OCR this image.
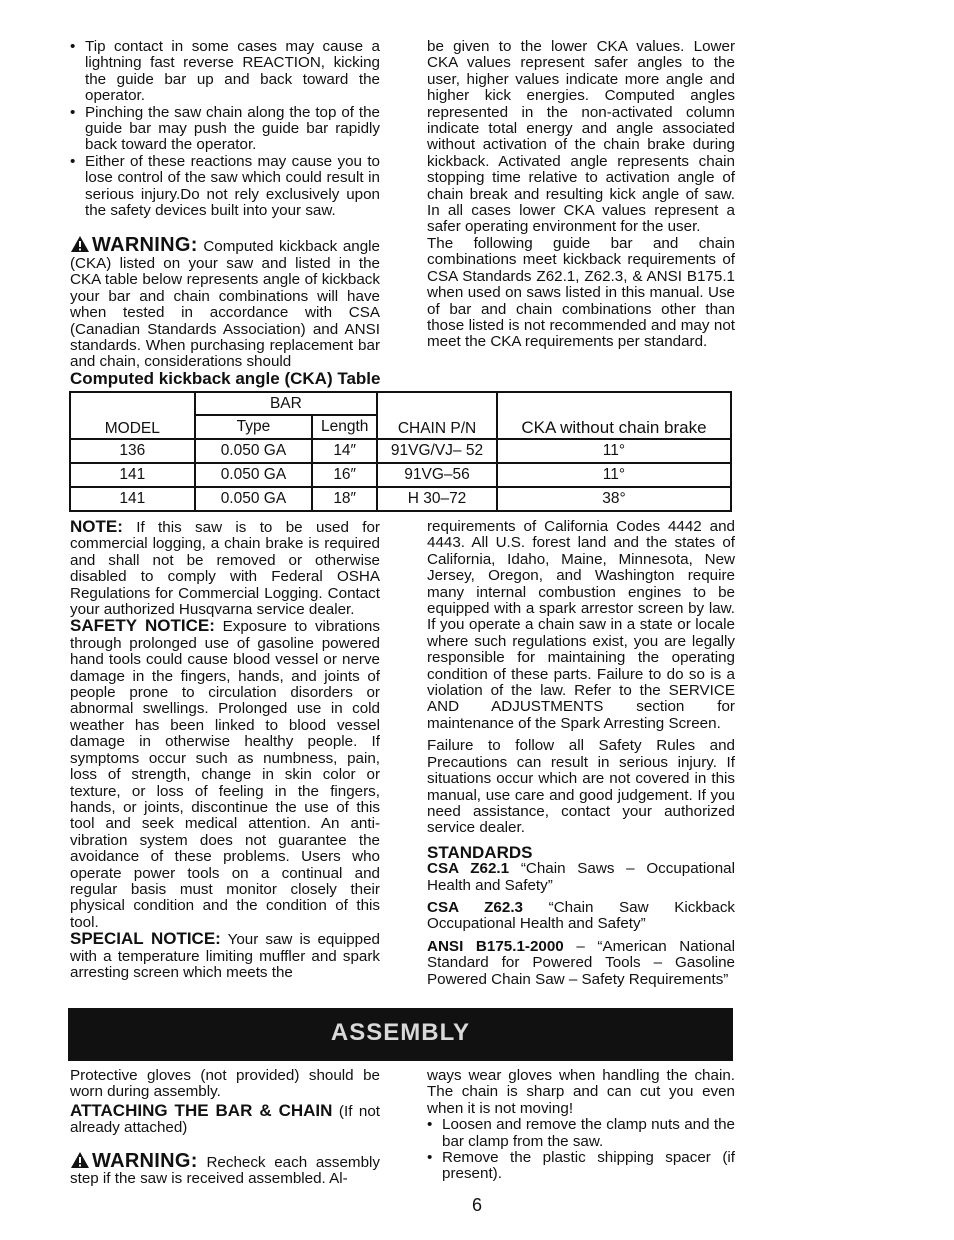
• Tip contact in some cases may cause a lightning fast reverse REACTION, kicking the guide bar up and back toward the operator.
• Pinching the saw chain along the top of the guide bar may push the guide bar rapidly back toward the operator.
• Either of these reactions may cause you to lose control of the saw which could result in serious injury.Do not rely exclusively upon the safety devices built into your saw.

WARNING: Computed kickback angle (CKA) listed on your saw and listed in the CKA table below represents angle of kickback your bar and chain combinations will have when tested in accordance with CSA (Canadian Standards Association) and ANSI standards. When purchasing replacement bar and chain, considerations should

be given to the lower CKA values. Lower CKA values represent safer angles to the user, higher values indicate more angle and higher kick energies. Computed angles represented in the non-activated column indicate total energy and angle associated without activation of the chain brake during kickback. Activated angle represents chain stopping time relative to activation angle of chain break and resulting kick angle of saw. In all cases lower CKA values represent a safer operating environment for the user.

The following guide bar and chain combinations meet kickback requirements of CSA Standards Z62.1, Z62.3, & ANSI B175.1 when used on saws listed in this manual. Use of bar and chain combinations other than those listed is not recommended and may not meet the CKA requirements per standard.

Computed kickback angle (CKA) Table
MODEL	BAR		CHAIN P/N	CKA without chain brake
	Type	Length		
136	0.050 GA	14″	91VG/VJ– 52	11°
141	0.050 GA	16″	91VG–56	11°
141	0.050 GA	18″	H 30–72	38°

NOTE: If this saw is to be used for commercial logging, a chain brake is required and shall not be removed or otherwise disabled to comply with Federal OSHA Regulations for Commercial Logging. Contact your authorized Husqvarna service dealer.

SAFETY NOTICE: Exposure to vibrations through prolonged use of gasoline powered hand tools could cause blood vessel or nerve damage in the fingers, hands, and joints of people prone to circulation disorders or abnormal swellings. Prolonged use in cold weather has been linked to blood vessel damage in otherwise healthy people. If symptoms occur such as numbness, pain, loss of strength, change in skin color or texture, or loss of feeling in the fingers, hands, or joints, discontinue the use of this tool and seek medical attention. An anti-vibration system does not guarantee the avoidance of these problems. Users who operate power tools on a continual and regular basis must monitor closely their physical condition and the condition of this tool.

SPECIAL NOTICE: Your saw is equipped with a temperature limiting muffler and spark arresting screen which meets the

requirements of California Codes 4442 and 4443. All U.S. forest land and the states of California, Idaho, Maine, Minnesota, New Jersey, Oregon, and Washington require many internal combustion engines to be equipped with a spark arrestor screen by law. If you operate a chain saw in a state or locale where such regulations exist, you are legally responsible for maintaining the operating condition of these parts. Failure to do so is a violation of the law. Refer to the SERVICE AND ADJUSTMENTS section for maintenance of the Spark Arresting Screen.

Failure to follow all Safety Rules and Precautions can result in serious injury. If situations occur which are not covered in this manual, use care and good judgement. If you need assistance, contact your authorized service dealer.

STANDARDS

CSA Z62.1 “Chain Saws – Occupational Health and Safety”

CSA Z62.3 “Chain Saw Kickback Occupational Health and Safety”

ANSI B175.1-2000 – “American National Standard for Powered Tools – Gasoline Powered Chain Saw – Safety Requirements”

ASSEMBLY

Protective gloves (not provided) should be worn during assembly.

ATTACHING THE BAR & CHAIN (If not already attached)

WARNING: Recheck each assembly step if the saw is received assembled. Al-

ways wear gloves when handling the chain. The chain is sharp and can cut you even when it is not moving!

• Loosen and remove the clamp nuts and the bar clamp from the saw.
• Remove the plastic shipping spacer (if present).
6
